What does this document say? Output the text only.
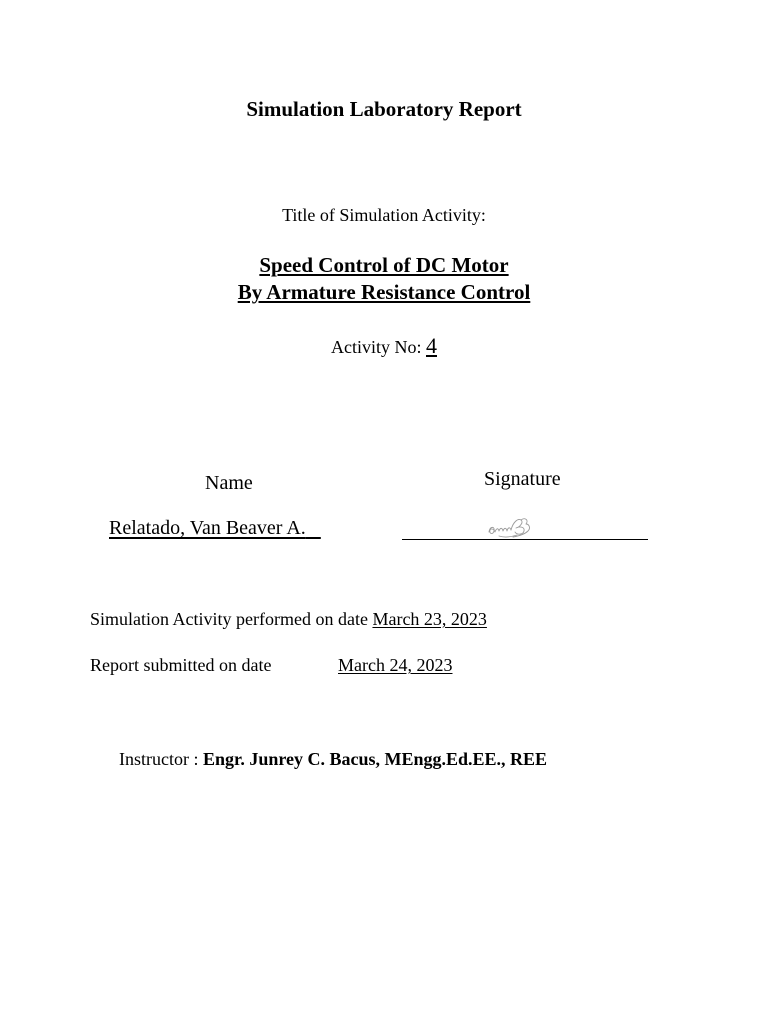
Simulation Laboratory Report
Title of Simulation Activity:
Speed Control of DC Motor
By Armature Resistance Control
Activity No: 4
Name	Signature
Relatado, Van Beaver A.
Simulation Activity performed on date March 23, 2023
Report submitted on date	March 24, 2023
Instructor : Engr. Junrey C. Bacus, MEngg.Ed.EE., REE
